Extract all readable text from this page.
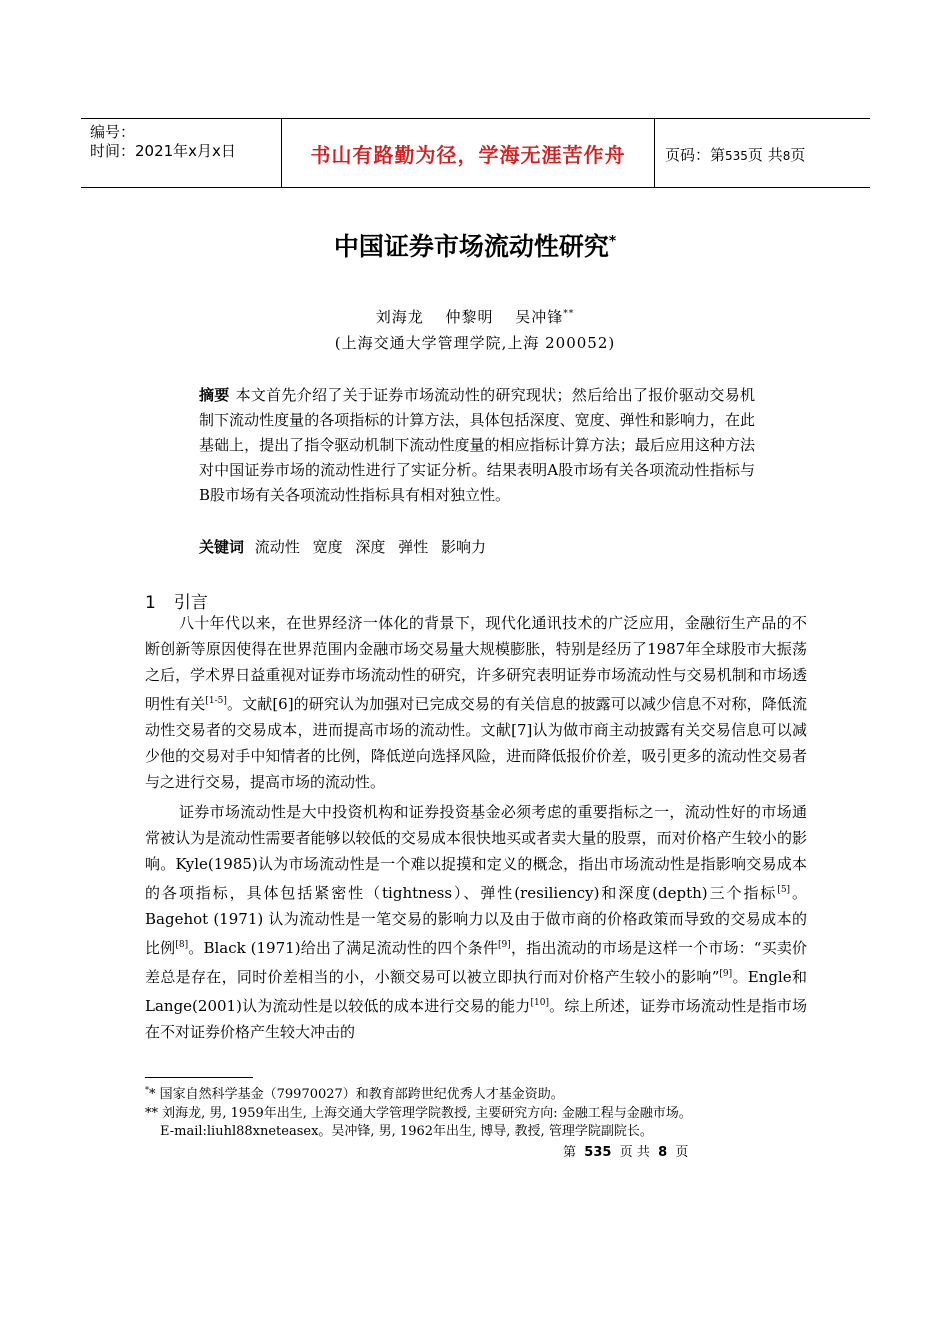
编号：
时间：2021年x月x日	书山有路勤为径，学海无涯苦作舟	页码：第535页 共8页
中国证券市场流动性研究*
刘海龙 仲黎明 吴冲锋**
(上海交通大学管理学院,上海 200052)
摘要 本文首先介绍了关于证券市场流动性的研究现状；然后给出了报价驱动交易机制下流动性度量的各项指标的计算方法，具体包括深度、宽度、弹性和影响力，在此基础上，提出了指令驱动机制下流动性度量的相应指标计算方法；最后应用这种方法对中国证券市场的流动性进行了实证分析。结果表明A股市场有关各项流动性指标与B股市场有关各项流动性指标具有相对独立性。
关键词 流动性 宽度 深度 弹性 影响力
1 引言

八十年代以来，在世界经济一体化的背景下，现代化通讯技术的广泛应用，金融衍生产品的不断创新等原因使得在世界范围内金融市场交易量大规模膨胀，特别是经历了1987年全球股市大振荡之后，学术界日益重视对证券市场流动性的研究，许多研究表明证券市场流动性与交易机制和市场透明性有关[1-5]。文献[6]的研究认为加强对已完成交易的有关信息的披露可以减少信息不对称，降低流动性交易者的交易成本，进而提高市场的流动性。文献[7]认为做市商主动披露有关交易信息可以减少他的交易对手中知情者的比例，降低逆向选择风险，进而降低报价价差，吸引更多的流动性交易者与之进行交易，提高市场的流动性。

证券市场流动性是大中投资机构和证券投资基金必须考虑的重要指标之一，流动性好的市场通常被认为是流动性需要者能够以较低的交易成本很快地买或者卖大量的股票，而对价格产生较小的影响。Kyle(1985)认为市场流动性是一个难以捉摸和定义的概念，指出市场流动性是指影响交易成本的各项指标，具体包括紧密性（tightness）、弹性(resiliency)和深度(depth)三个指标[5]。Bagehot (1971) 认为流动性是一笔交易的影响力以及由于做市商的价格政策而导致的交易成本的比例[8]。Black (1971)给出了满足流动性的四个条件[9]，指出流动的市场是这样一个市场：“买卖价差总是存在，同时价差相当的小，小额交易可以被立即执行而对价格产生较小的影响”[9]。Engle和Lange(2001)认为流动性是以较低的成本进行交易的能力[10]。综上所述，证券市场流动性是指市场在不对证券价格产生较大冲击的

** 国家自然科学基金（79970027）和教育部跨世纪优秀人才基金资助。
** 刘海龙, 男, 1959年出生, 上海交通大学管理学院教授, 主要研究方向: 金融工程与金融市场。
E-mail:liuhl88xneteasex。吴冲锋, 男, 1962年出生, 博导, 教授, 管理学院副院长。
第 535 页 共 8 页
